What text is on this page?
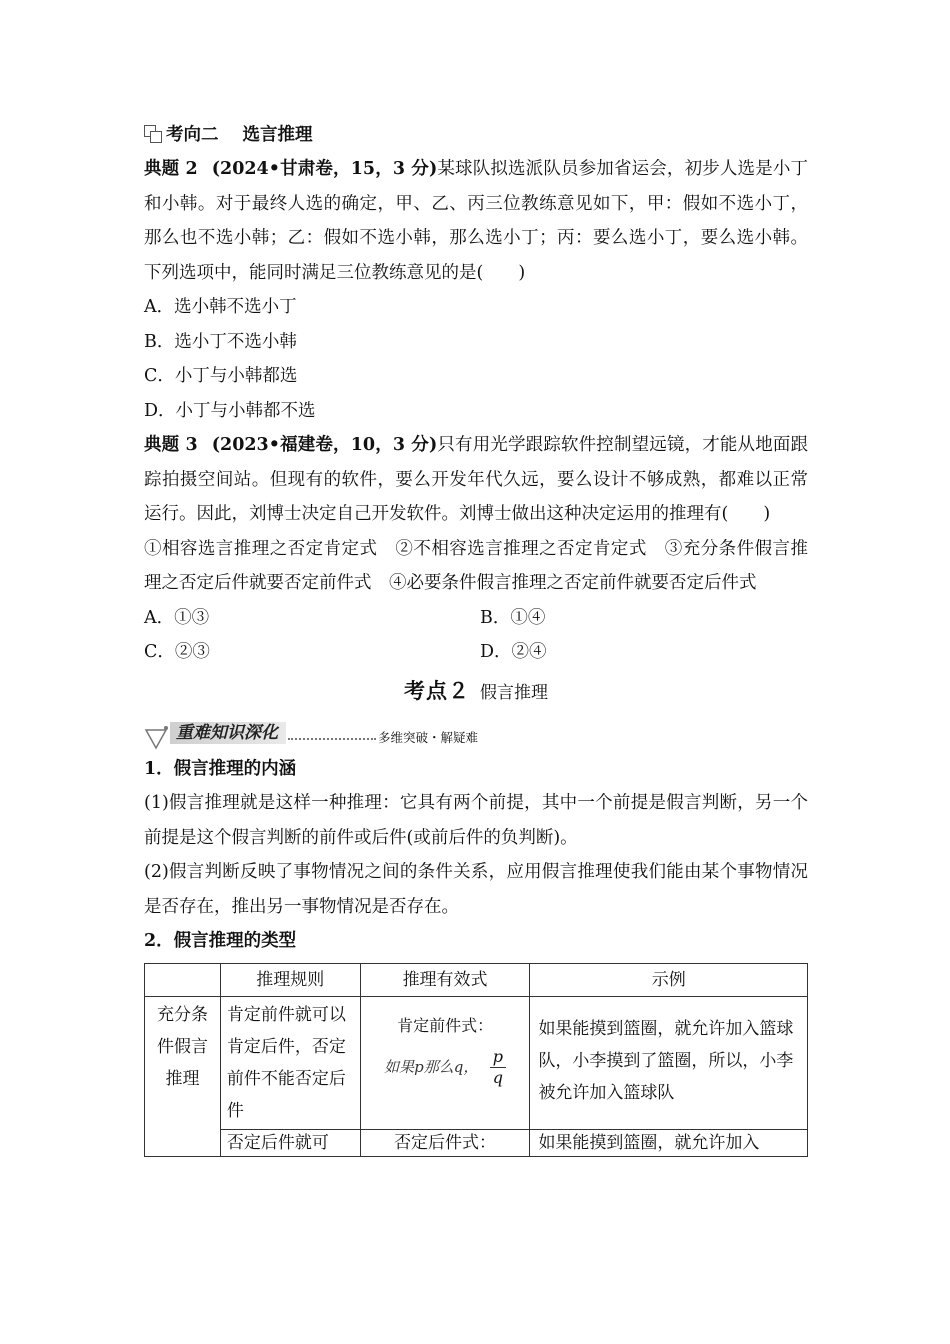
考向二 选言推理

典题 2 (2024•甘肃卷，15，3 分)某球队拟选派队员参加省运会，初步人选是小丁和小韩。对于最终人选的确定，甲、乙、丙三位教练意见如下，甲：假如不选小丁，那么也不选小韩；乙：假如不选小韩，那么选小丁；丙：要么选小丁，要么选小韩。下列选项中，能同时满足三位教练意见的是(　　)

A．选小韩不选小丁

B．选小丁不选小韩

C．小丁与小韩都选

D．小丁与小韩都不选

典题 3 (2023•福建卷，10，3 分)只有用光学跟踪软件控制望远镜，才能从地面跟踪拍摄空间站。但现有的软件，要么开发年代久远，要么设计不够成熟，都难以正常运行。因此，刘博士决定自己开发软件。刘博士做出这种决定运用的推理有(　　)

①相容选言推理之否定肯定式　②不相容选言推理之否定肯定式　③充分条件假言推理之否定后件就要否定前件式　④必要条件假言推理之否定前件就要否定后件式

A．①③	B．①④

C．②③	D．②④

考点２ 假言推理
重难知识深化	多维突破・解疑难

1．假言推理的内涵

(1)假言推理就是这样一种推理：它具有两个前提，其中一个前提是假言判断，另一个前提是这个假言判断的前件或后件(或前后件的负判断)。

(2)假言判断反映了事物情况之间的条件关系，应用假言推理使我们能由某个事物情况是否存在，推出另一事物情况是否存在。

2．假言推理的类型

	推理规则	推理有效式	示例
充分条件假言推理	肯定前件就可以肯定后件，否定前件不能否定后件	肯定前件式：
如果p那么q， $\frac{p}{q}$	如果能摸到篮圈，就允许加入篮球队，小李摸到了篮圈，所以，小李被允许加入篮球队
	否定后件就可	否定后件式：	如果能摸到篮圈，就允许加入
